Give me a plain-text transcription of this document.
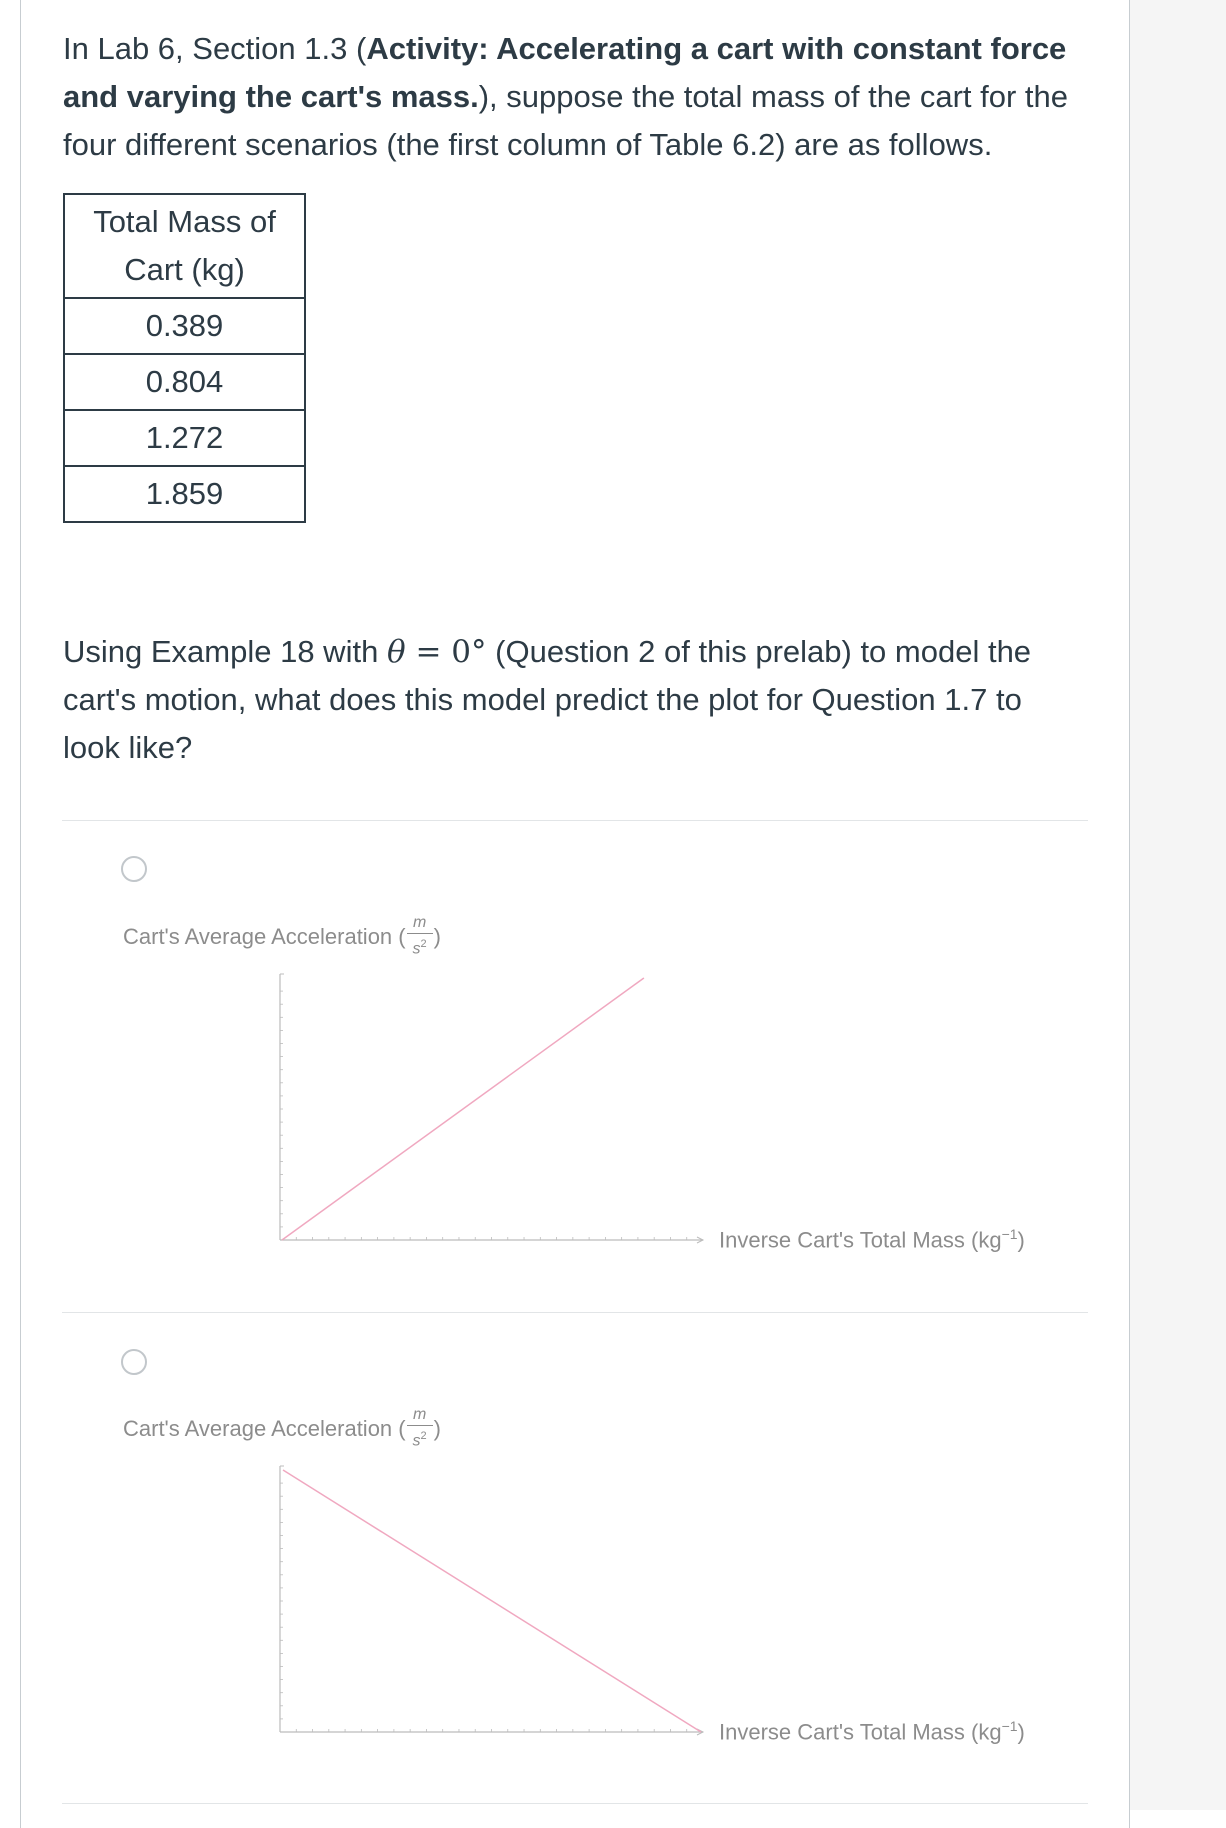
In Lab 6, Section 1.3 (Activity: Accelerating a cart with constant force and varying the cart's mass.), suppose the total mass of the cart for the four different scenarios (the first column of Table 6.2) are as follows.

Total Mass of Cart (kg)
0.389
0.804
1.272
1.859

Using Example 18 with θ = 0° (Question 2 of this prelab) to model the cart's motion, what does this model predict the plot for Question 1.7 to look like?

Cart's Average Acceleration ( $\frac{m}{s^2}$ )
Inverse Cart's Total Mass $(kg^{-1})$
Cart's Average Acceleration ( $\frac{m}{s^2}$ )
Inverse Cart's Total Mass $(kg^{-1})$
